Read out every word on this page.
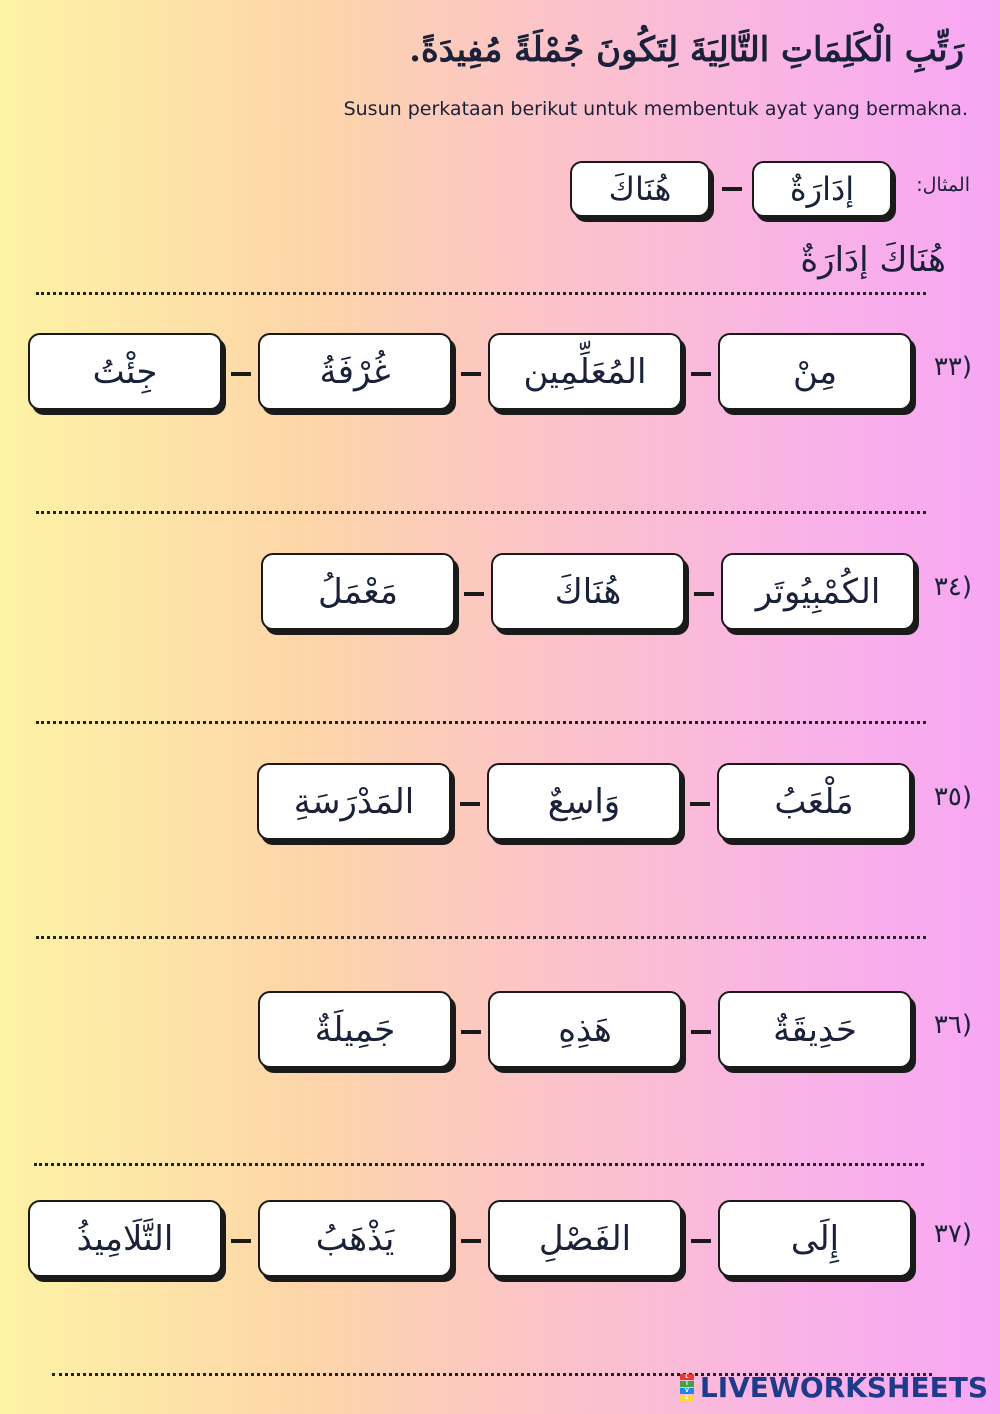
رَتِّبِ الْكَلِمَاتِ التَّالِيَةَ لِتَكُونَ جُمْلَةً مُفِيدَةً.
Susun perkataan berikut untuk membentuk ayat yang bermakna.
المثال:
إدَارَةٌ
هُنَاكَ
هُنَاكَ إدَارَةٌ
(٣٣
مِنْ
المُعَلِّمِين
غُرْفَةُ
جِئْتُ
(٣٤
الكُمْبِيُوتَر
هُنَاكَ
مَعْمَلُ
(٣٥
مَلْعَبُ
وَاسِعٌ
المَدْرَسَةِ
(٣٦
حَدِيقَةٌ
هَذِهِ
جَمِيلَةٌ
(٣٧
إِلَى
الفَصْلِ
يَذْهَبُ
التَّلَامِيذُ
L
I
V
E LIVEWORKSHEETS
